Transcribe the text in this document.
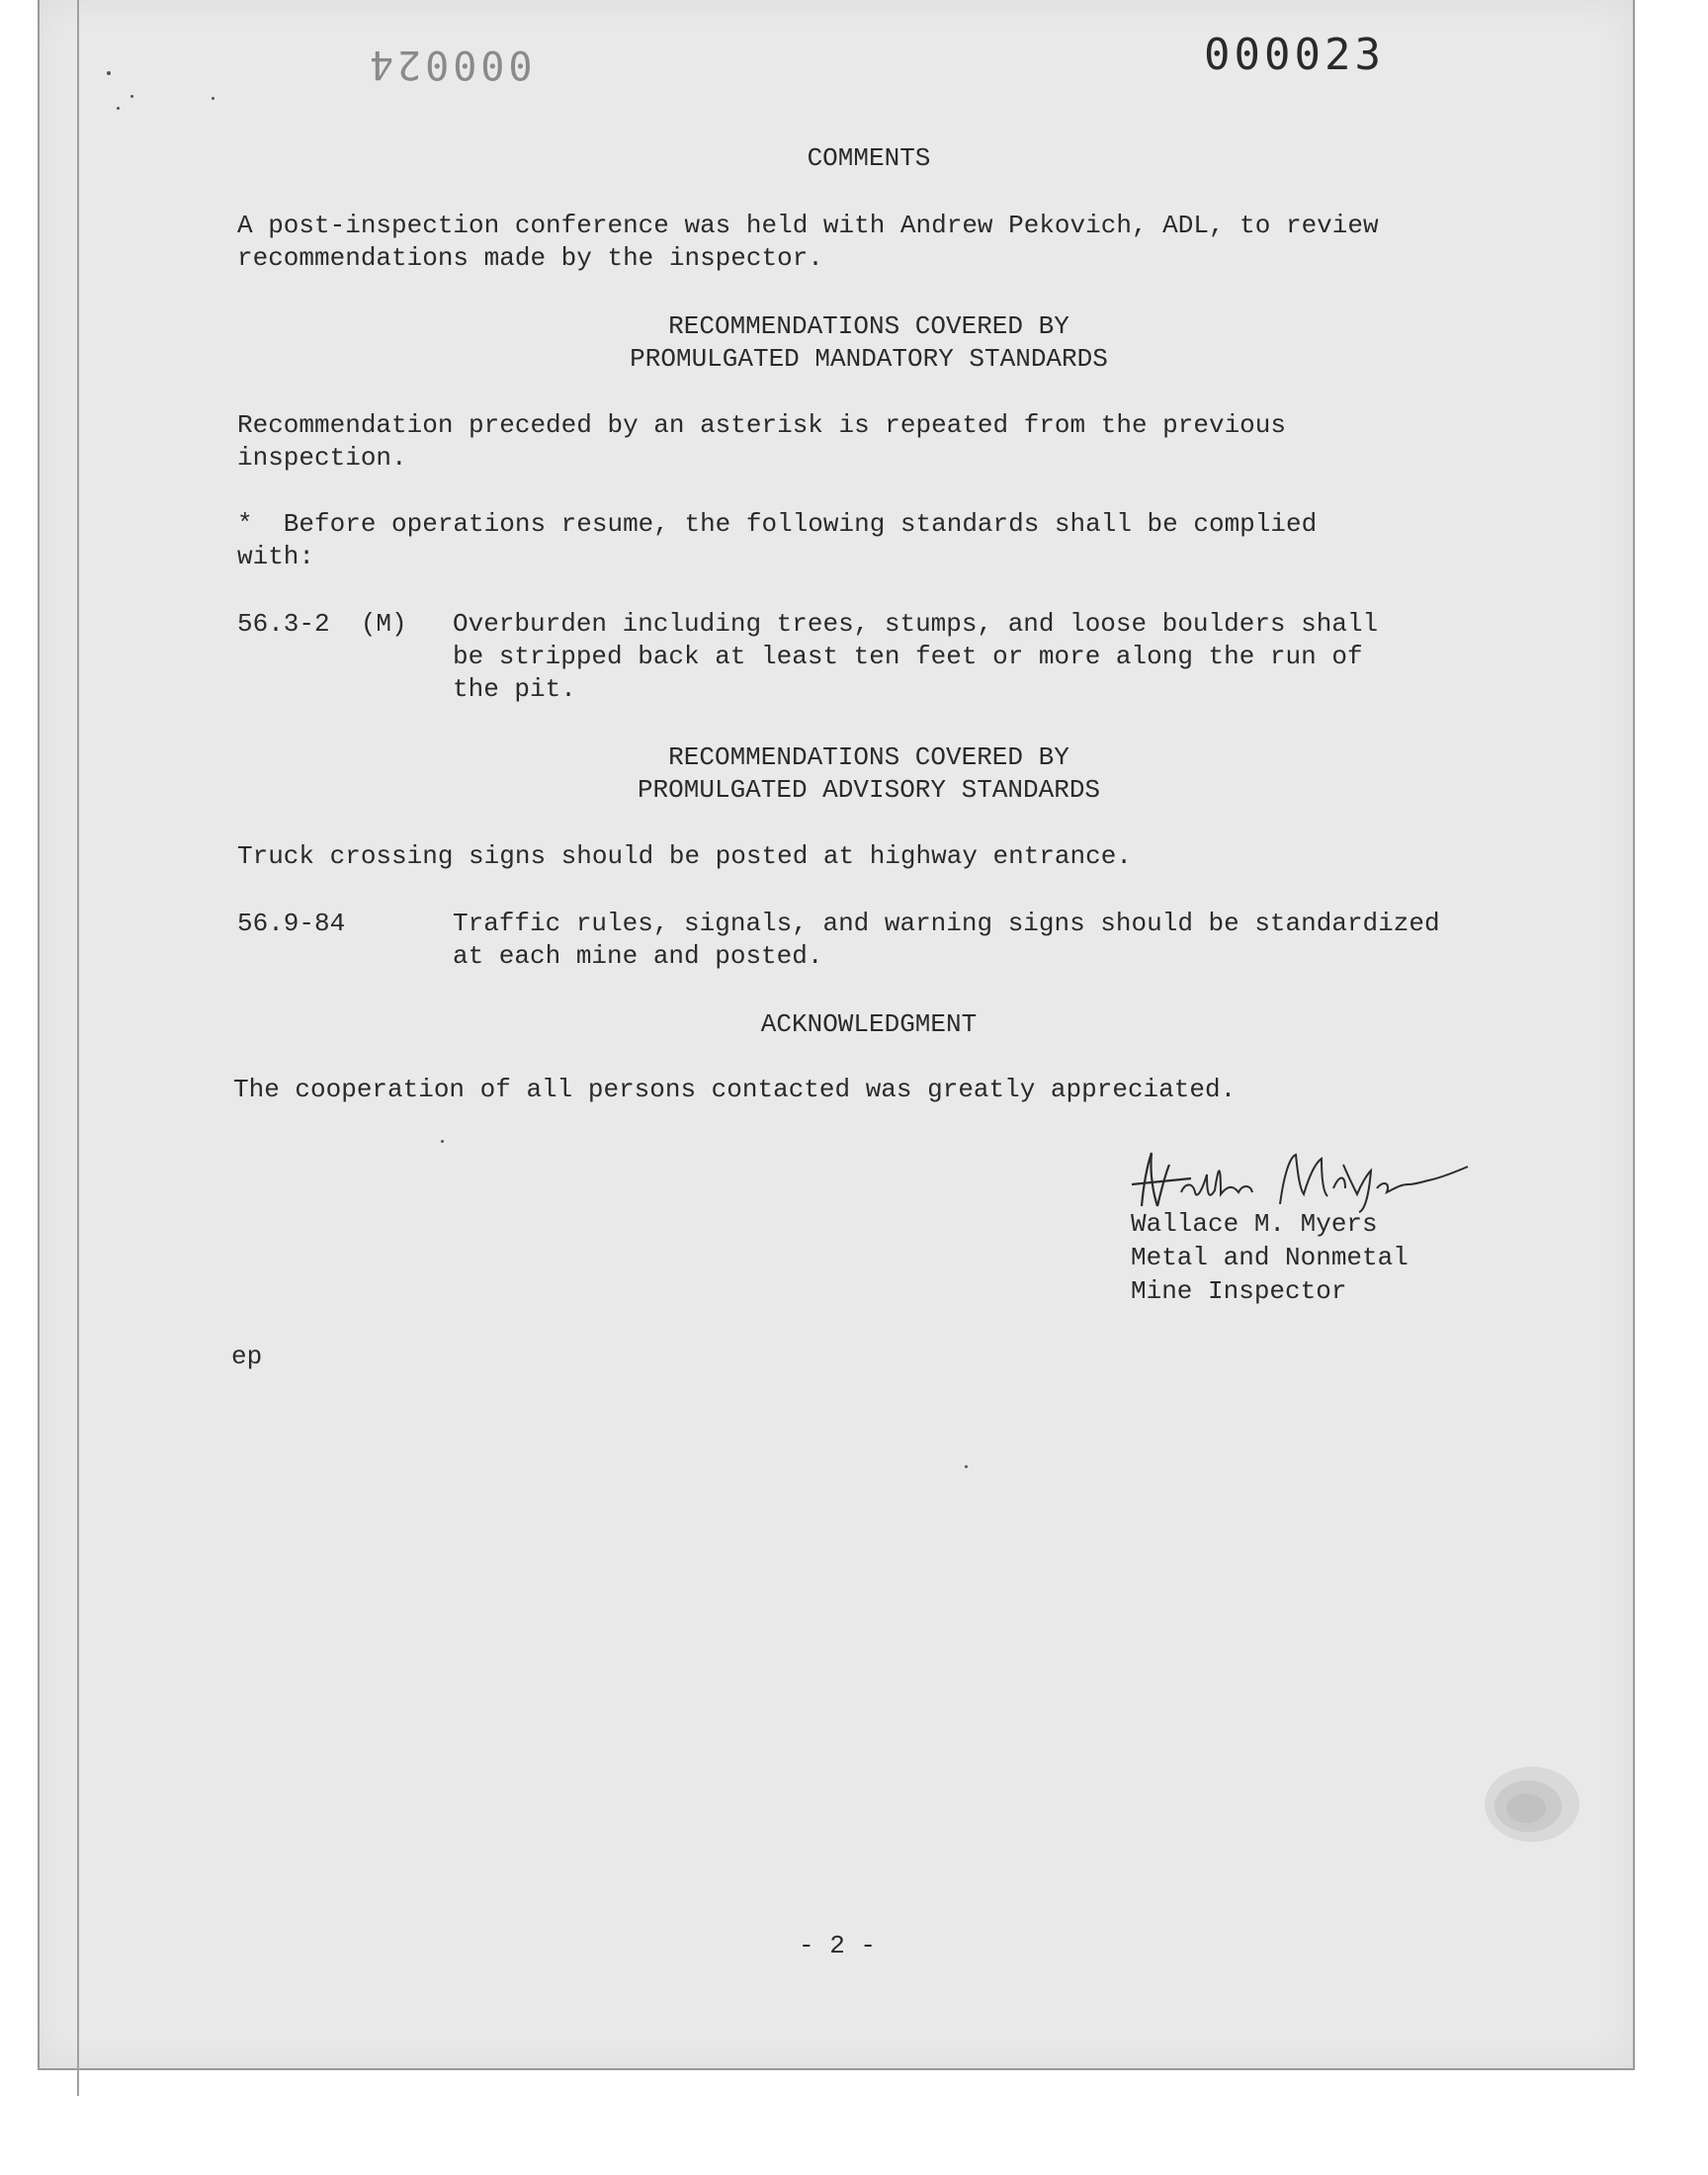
000024	000023
COMMENTS
A post-inspection conference was held with Andrew Pekovich, ADL, to review
recommendations made by the inspector.
RECOMMENDATIONS COVERED BY
PROMULGATED MANDATORY STANDARDS
Recommendation preceded by an asterisk is repeated from the previous
inspection.
*  Before operations resume, the following standards shall be complied
with:
56.3-2  (M) Overburden including trees, stumps, and loose boulders shall
be stripped back at least ten feet or more along the run of
the pit.
RECOMMENDATIONS COVERED BY
PROMULGATED ADVISORY STANDARDS
Truck crossing signs should be posted at highway entrance.
56.9-84	Traffic rules, signals, and warning signs should be standardized
at each mine and posted.
ACKNOWLEDGMENT
The cooperation of all persons contacted was greatly appreciated.
Wallace M. Myers
Metal and Nonmetal
Mine Inspector
ep
- 2 -
